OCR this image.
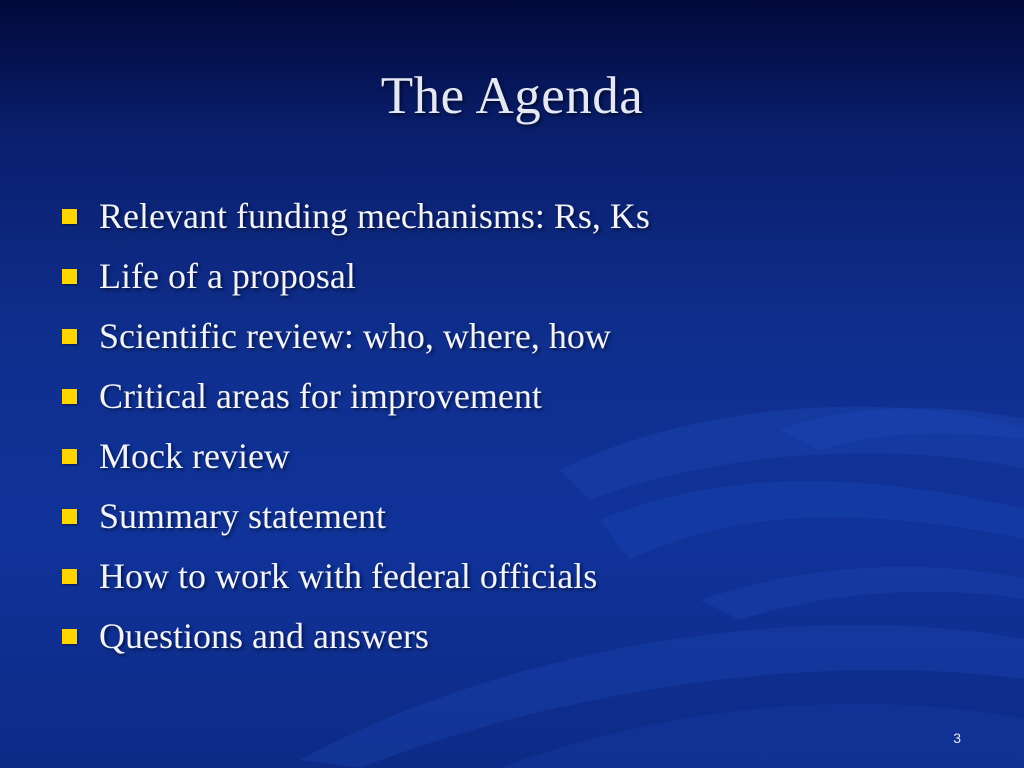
The Agenda
Relevant funding mechanisms: Rs, Ks
Life of a proposal
Scientific review: who, where, how
Critical areas for improvement
Mock review
Summary statement
How to work with federal officials
Questions and answers
3
